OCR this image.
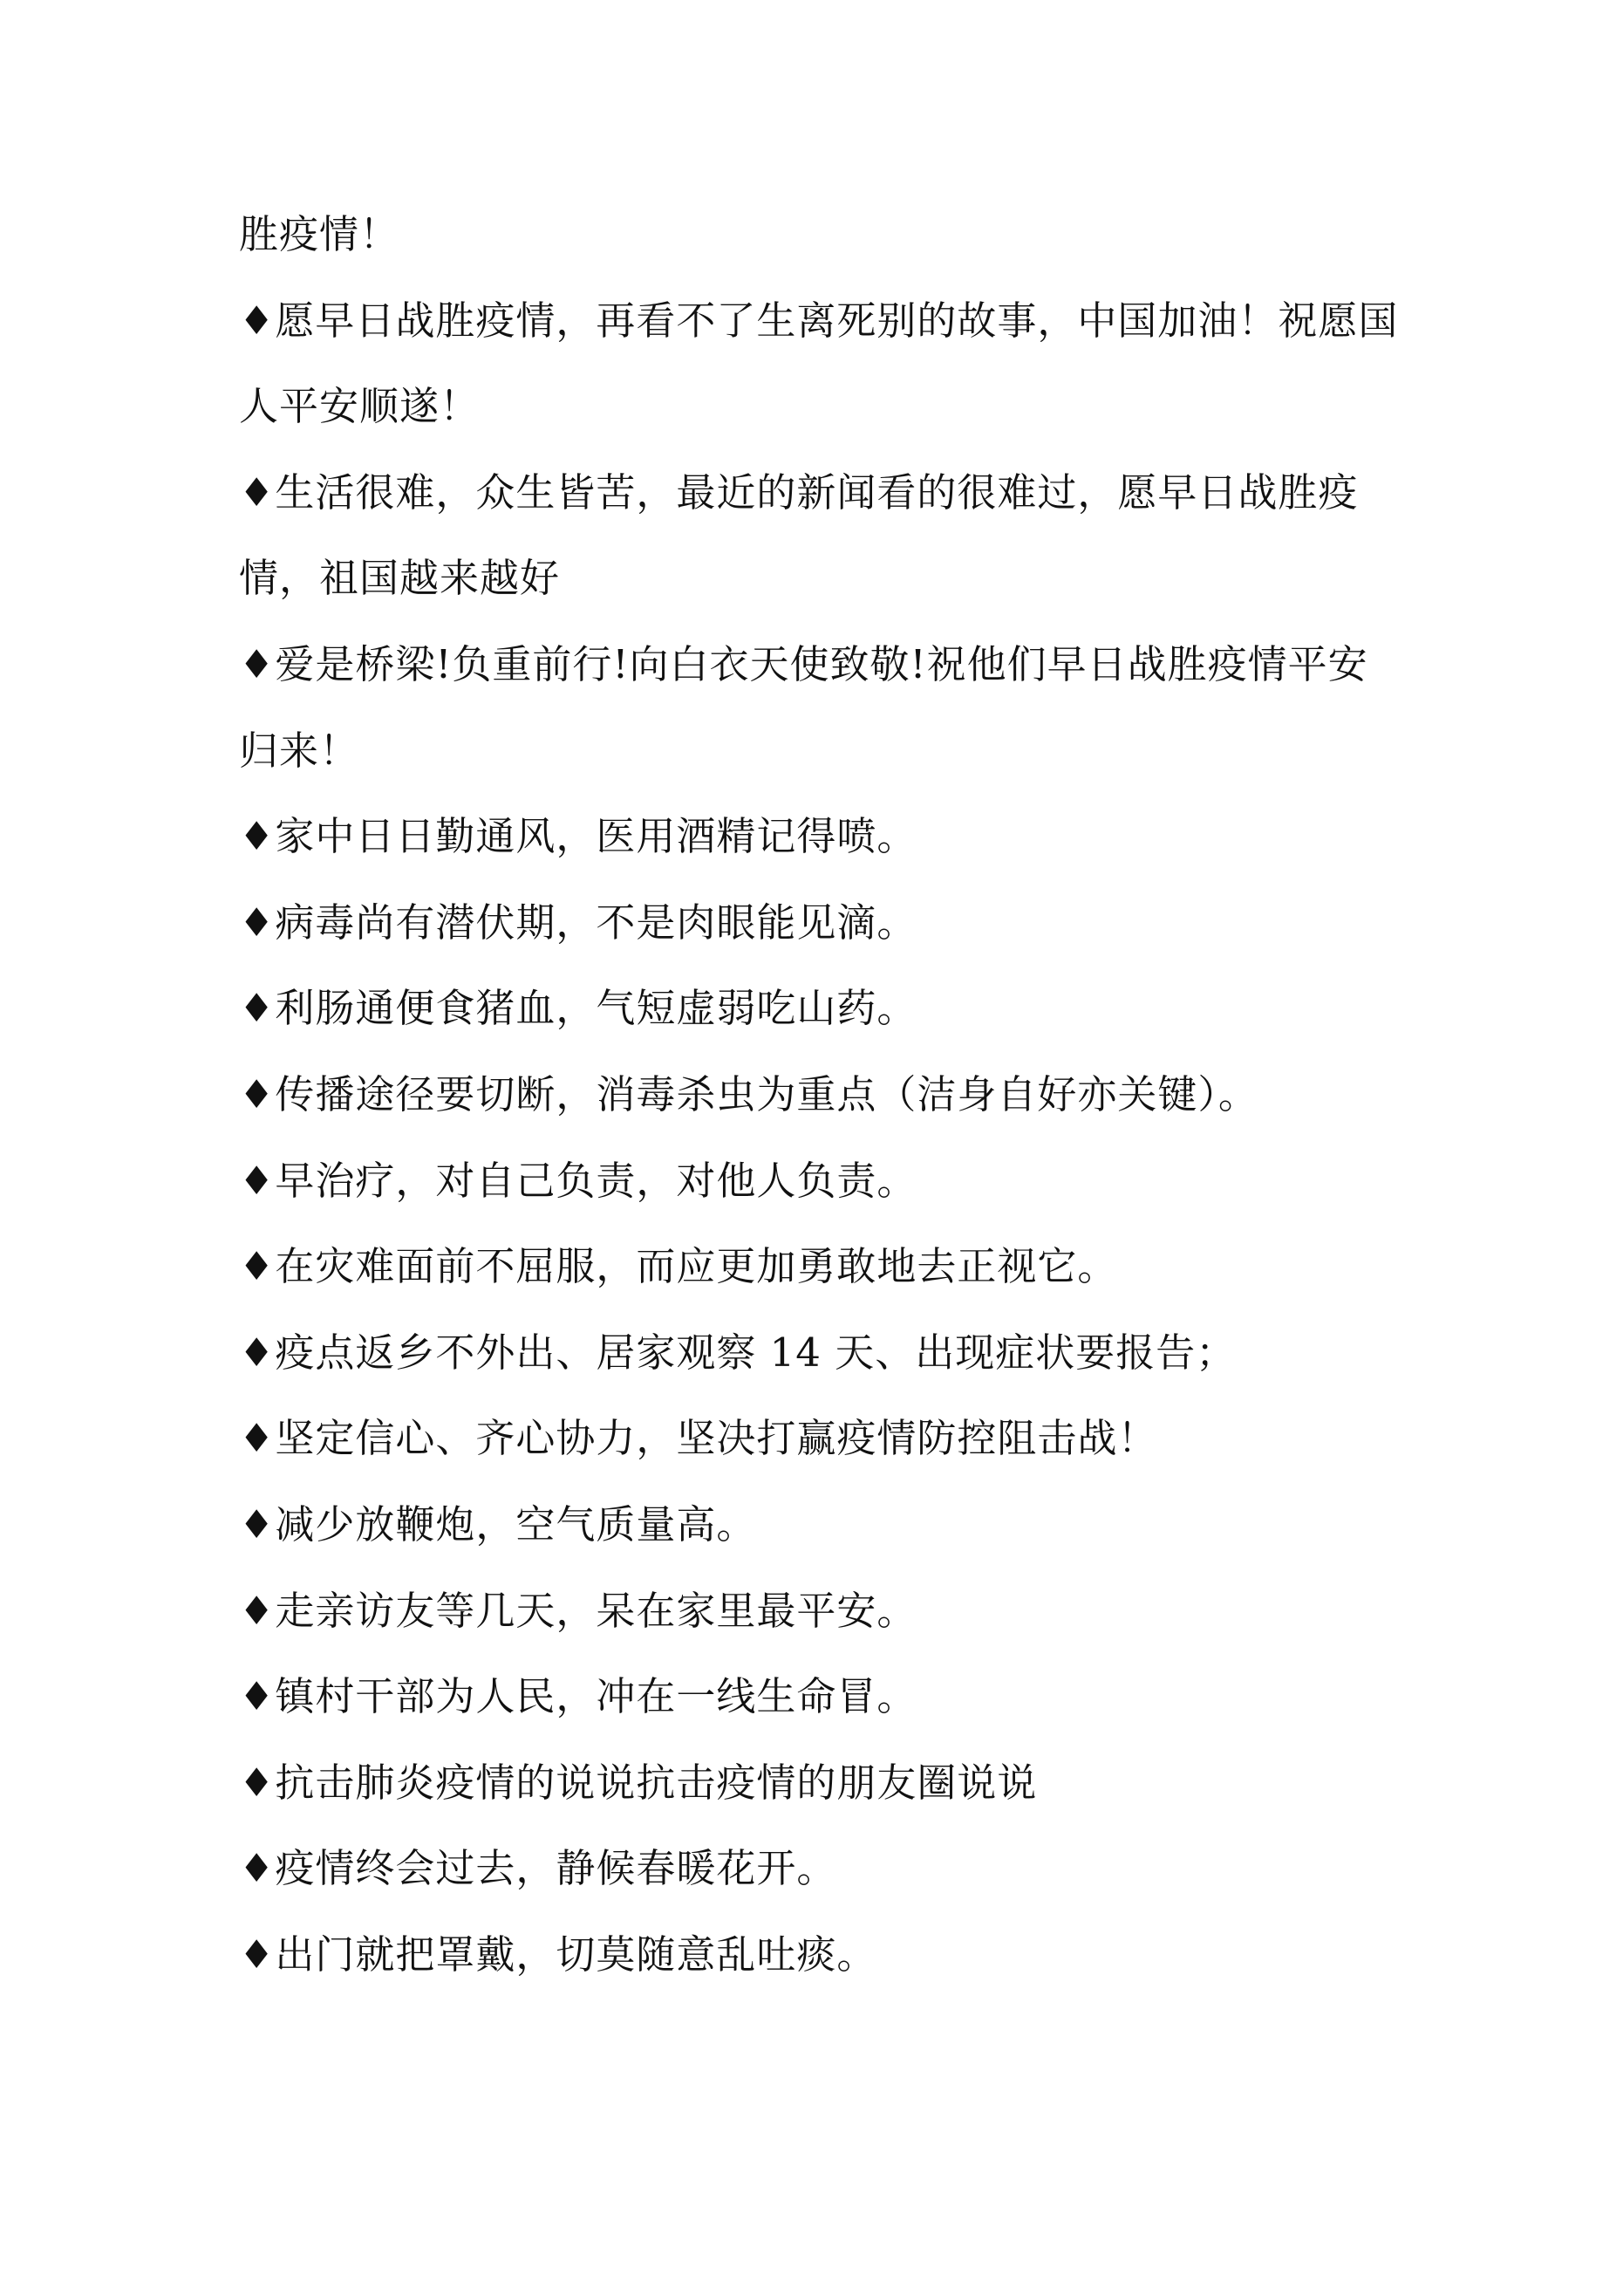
胜疫情！
♦愿早日战胜疫情，再看不了生离死别的故事，中国加油！祝愿国
人平安顺遂！
♦生活很难，众生皆苦，最近的新闻看的很难过，愿早日战胜疫
情，祖国越来越好
♦爱是桥梁!负重前行!向白衣天使致敬!祝他们早日战胜疫情平安
归来！
♦家中日日勤通风，医用酒精记得喷。
♦病毒尚有潜伏期，不是肉眼能见滴。
♦利肠通便食猪血，气短虚弱吃山药。
♦传播途径要切断，消毒杀虫为重点（洁身自好亦关键）。
♦早治疗，对自己负责，对他人负责。
♦在灾难面前不屈服，而应更加勇敢地去正视它。
♦疫点返乡不外出、居家观察 14 天、出现症状要报告；
♦坚定信心、齐心协力，坚决打赢疫情防控阻击战！
♦减少放鞭炮，空气质量高。
♦走亲访友等几天，呆在家里最平安。
♦镇村干部为人民，冲在一线生命冒。
♦抗击肺炎疫情的说说抗击疫情的朋友圈说说
♦疫情终会过去，静候春暖花开。
♦出门就把罩戴，切莫随意乱吐痰。
